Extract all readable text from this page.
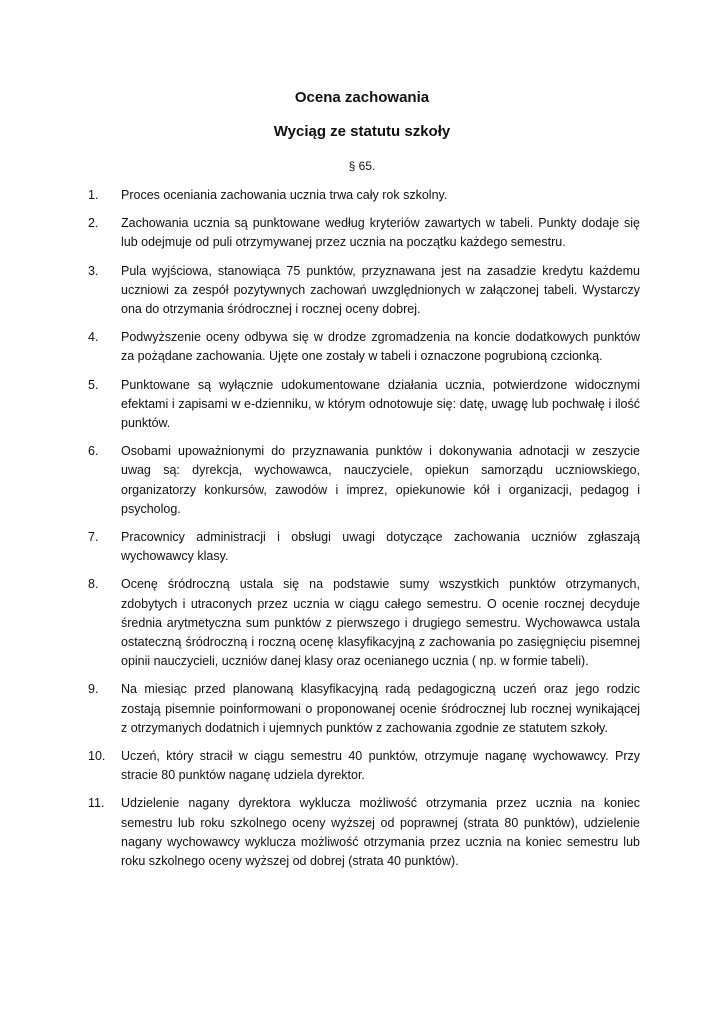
Ocena zachowania
Wyciąg ze statutu szkoły
§ 65.
1.	Proces oceniania zachowania ucznia trwa cały rok szkolny.
2.	Zachowania ucznia są punktowane według kryteriów zawartych w tabeli. Punkty dodaje się lub odejmuje od puli otrzymywanej przez ucznia na początku każdego semestru.
3.	Pula wyjściowa, stanowiąca 75 punktów, przyznawana jest na zasadzie kredytu każdemu uczniowi za zespół pozytywnych zachowań uwzględnionych w załączonej tabeli. Wystarczy ona do otrzymania śródrocznej i rocznej oceny dobrej.
4.	Podwyższenie oceny odbywa się w drodze zgromadzenia na koncie dodatkowych punktów za pożądane zachowania. Ujęte one zostały w tabeli i oznaczone pogrubioną czcionką.
5.	Punktowane są wyłącznie udokumentowane działania ucznia, potwierdzone widocznymi efektami i zapisami w e-dzienniku, w którym odnotowuje się: datę, uwagę lub pochwałę i ilość punktów.
6.	Osobami upoważnionymi do przyznawania punktów i dokonywania adnotacji w zeszycie uwag są: dyrekcja, wychowawca, nauczyciele, opiekun samorządu uczniowskiego, organizatorzy konkursów, zawodów i imprez, opiekunowie kół i organizacji, pedagog i psycholog.
7.	Pracownicy administracji i obsługi uwagi dotyczące zachowania uczniów zgłaszają wychowawcy klasy.
8.	Ocenę śródroczną ustala się na podstawie sumy wszystkich punktów otrzymanych, zdobytych i utraconych przez ucznia w ciągu całego semestru. O ocenie rocznej decyduje średnia arytmetyczna sum punktów z pierwszego i drugiego semestru. Wychowawca ustala ostateczną śródroczną i roczną ocenę klasyfikacyjną z zachowania po zasięgnięciu pisemnej opinii nauczycieli, uczniów danej klasy oraz ocenianego ucznia ( np. w formie tabeli).
9.	Na miesiąc przed planowaną klasyfikacyjną radą pedagogiczną uczeń oraz jego rodzic zostają pisemnie poinformowani o proponowanej ocenie śródrocznej lub rocznej wynikającej z otrzymanych dodatnich i ujemnych punktów z zachowania zgodnie ze statutem szkoły.
10.	Uczeń, który stracił w ciągu semestru 40 punktów, otrzymuje naganę wychowawcy. Przy stracie 80 punktów naganę udziela dyrektor.
11.	Udzielenie nagany dyrektora wyklucza możliwość otrzymania przez ucznia na koniec semestru lub roku szkolnego oceny wyższej od poprawnej (strata 80 punktów), udzielenie nagany wychowawcy wyklucza możliwość otrzymania przez ucznia na koniec semestru lub roku szkolnego oceny wyższej od dobrej (strata 40 punktów).
